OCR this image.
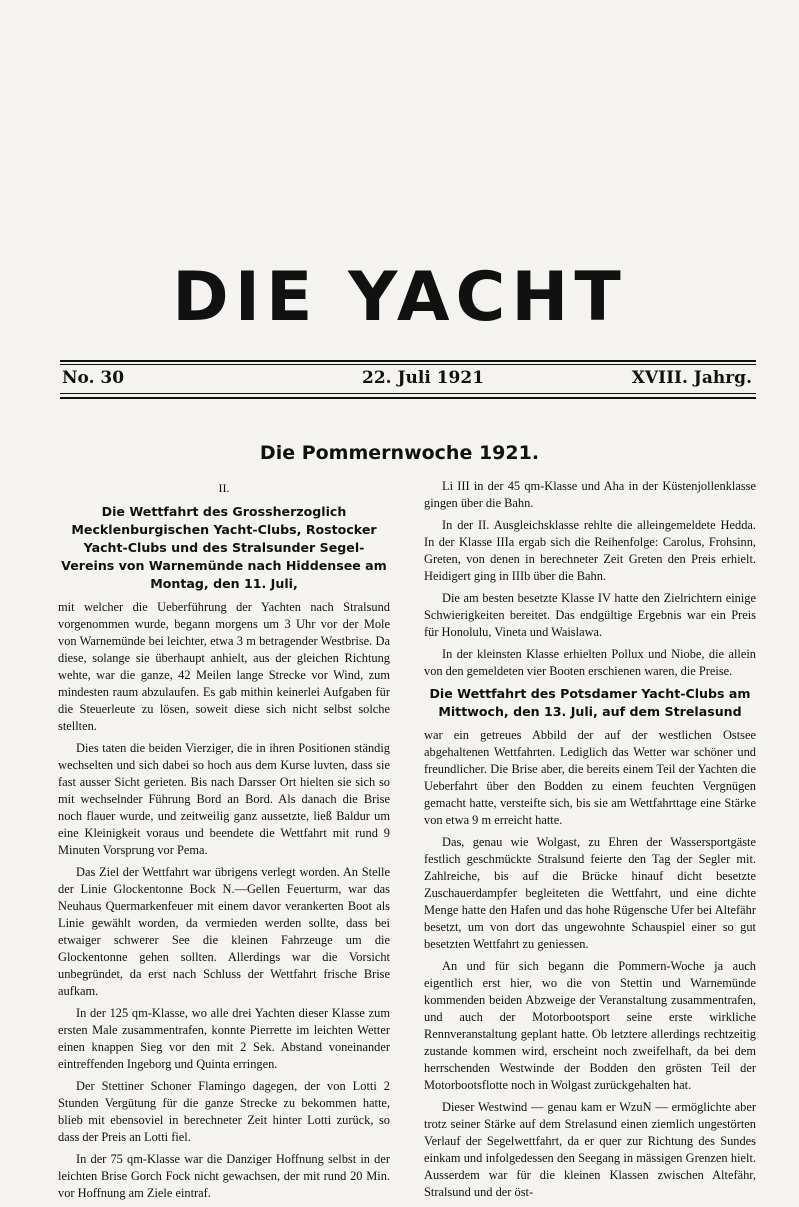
DIE YACHT
No. 30	22. Juli 1921	XVIII. Jahrg.
Die Pommernwoche 1921.
II.
Die Wettfahrt des Grossherzoglich Mecklenburgischen Yacht-Clubs, Rostocker Yacht-Clubs und des Stralsunder Segel-Vereins von Warnemünde nach Hiddensee am Montag, den 11. Juli,

mit welcher die Ueberführung der Yachten nach Stralsund vorgenommen wurde, begann morgens um 3 Uhr vor der Mole von Warnemünde bei leichter, etwa 3 m betragender Westbrise. Da diese, solange sie überhaupt anhielt, aus der gleichen Richtung wehte, war die ganze, 42 Meilen lange Strecke vor Wind, zum mindesten raum abzulaufen. Es gab mithin keinerlei Aufgaben für die Steuerleute zu lösen, soweit diese sich nicht selbst solche stellten.

Dies taten die beiden Vierziger, die in ihren Positionen ständig wechselten und sich dabei so hoch aus dem Kurse luvten, dass sie fast ausser Sicht gerieten. Bis nach Darsser Ort hielten sie sich so mit wechselnder Führung Bord an Bord. Als danach die Brise noch flauer wurde, und zeitweilig ganz aussetzte, ließ Baldur um eine Kleinigkeit voraus und beendete die Wettfahrt mit rund 9 Minuten Vorsprung vor Pema.

Das Ziel der Wettfahrt war übrigens verlegt worden. An Stelle der Linie Glockentonne Bock N.—Gellen Feuerturm, war das Neuhaus Quermarkenfeuer mit einem davor verankerten Boot als Linie gewählt worden, da vermieden werden sollte, dass bei etwaiger schwerer See die kleinen Fahrzeuge um die Glockentonne gehen sollten. Allerdings war die Vorsicht unbegründet, da erst nach Schluss der Wettfahrt frische Brise aufkam.

In der 125 qm-Klasse, wo alle drei Yachten dieser Klasse zum ersten Male zusammentrafen, konnte Pierrette im leichten Wetter einen knappen Sieg vor den mit 2 Sek. Abstand voneinander eintreffenden Ingeborg und Quinta erringen.

Der Stettiner Schoner Flamingo dagegen, der von Lotti 2 Stunden Vergütung für die ganze Strecke zu bekommen hatte, blieb mit ebensoviel in berechneter Zeit hinter Lotti zurück, so dass der Preis an Lotti fiel.

In der 75 qm-Klasse war die Danziger Hoffnung selbst in der leichten Brise Gorch Fock nicht gewachsen, der mit rund 20 Min. vor Hoffnung am Ziele eintraf.

Li III in der 45 qm-Klasse und Aha in der Küstenjollenklasse gingen über die Bahn.

In der II. Ausgleichsklasse rehlte die alleingemeldete Hedda. In der Klasse IIIa ergab sich die Reihenfolge: Carolus, Frohsinn, Greten, von denen in berechneter Zeit Greten den Preis erhielt. Heidigert ging in IIIb über die Bahn.

Die am besten besetzte Klasse IV hatte den Zielrichtern einige Schwierigkeiten bereitet. Das endgültige Ergebnis war ein Preis für Honolulu, Vineta und Waislawa.

In der kleinsten Klasse erhielten Pollux und Niobe, die allein von den gemeldeten vier Booten erschienen waren, die Preise.

Die Wettfahrt des Potsdamer Yacht-Clubs am Mittwoch, den 13. Juli, auf dem Strelasund

war ein getreues Abbild der auf der westlichen Ostsee abgehaltenen Wettfahrten. Lediglich das Wetter war schöner und freundlicher. Die Brise aber, die bereits einem Teil der Yachten die Ueberfahrt über den Bodden zu einem feuchten Vergnügen gemacht hatte, versteifte sich, bis sie am Wettfahrttage eine Stärke von etwa 9 m erreicht hatte.

Das, genau wie Wolgast, zu Ehren der Wassersportgäste festlich geschmückte Stralsund feierte den Tag der Segler mit. Zahlreiche, bis auf die Brücke hinauf dicht besetzte Zuschauerdampfer begleiteten die Wettfahrt, und eine dichte Menge hatte den Hafen und das hohe Rügensche Ufer bei Altefähr besetzt, um von dort das ungewohnte Schauspiel einer so gut besetzten Wettfahrt zu geniessen.

An und für sich begann die Pommern-Woche ja auch eigentlich erst hier, wo die von Stettin und Warnemünde kommenden beiden Abzweige der Veranstaltung zusammentrafen, und auch der Motorbootsport seine erste wirkliche Rennveranstaltung geplant hatte. Ob letztere allerdings rechtzeitig zustande kommen wird, erscheint noch zweifelhaft, da bei dem herrschenden Westwinde der Bodden den grösten Teil der Motorbootsflotte noch in Wolgast zurückgehalten hat.

Dieser Westwind — genau kam er WzuN — ermöglichte aber trotz seiner Stärke auf dem Strelasund einen ziemlich ungestörten Verlauf der Segelwettfahrt, da er quer zur Richtung des Sundes einkam und infolgedessen den Seegang in mässigen Grenzen hielt. Ausserdem war für die kleinen Klassen zwischen Altefähr, Stralsund und der öst-
